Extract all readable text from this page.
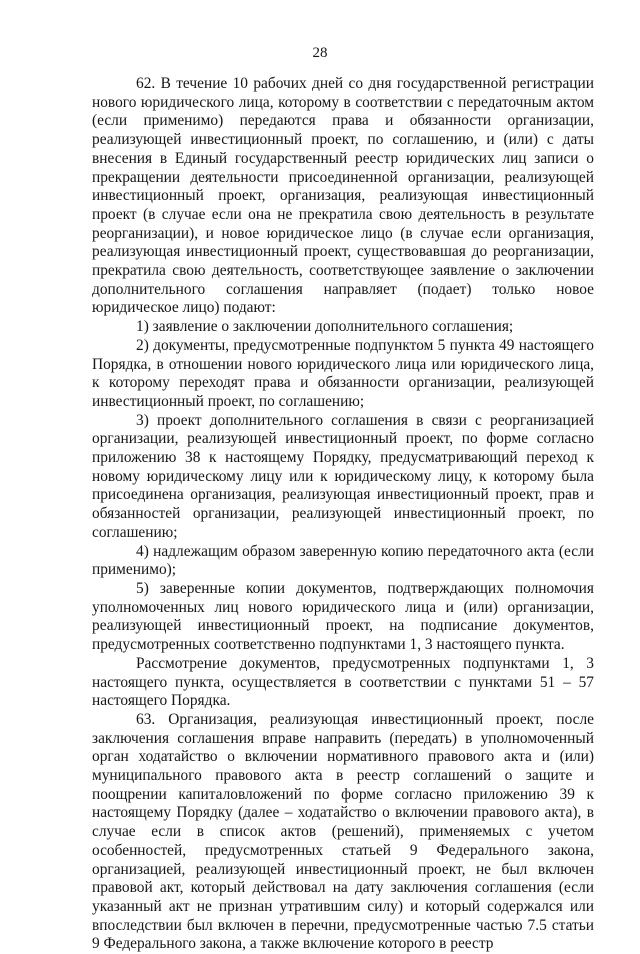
28

62. В течение 10 рабочих дней со дня государственной регистрации нового юридического лица, которому в соответствии с передаточным актом (если применимо) передаются права и обязанности организации, реализующей инвестиционный проект, по соглашению, и (или) с даты внесения в Единый государственный реестр юридических лиц записи о прекращении деятельности присоединенной организации, реализующей инвестиционный проект, организация, реализующая инвестиционный проект (в случае если она не прекратила свою деятельность в результате реорганизации), и новое юридическое лицо (в случае если организация, реализующая инвестиционный проект, существовавшая до реорганизации, прекратила свою деятельность, соответствующее заявление о заключении дополнительного соглашения направляет (подает) только новое юридическое лицо) подают:

1) заявление о заключении дополнительного соглашения;

2) документы, предусмотренные подпунктом 5 пункта 49 настоящего Порядка, в отношении нового юридического лица или юридического лица, к которому переходят права и обязанности организации, реализующей инвестиционный проект, по соглашению;

3) проект дополнительного соглашения в связи с реорганизацией организации, реализующей инвестиционный проект, по форме согласно приложению 38 к настоящему Порядку, предусматривающий переход к новому юридическому лицу или к юридическому лицу, к которому была присоединена организация, реализующая инвестиционный проект, прав и обязанностей организации, реализующей инвестиционный проект, по соглашению;

4) надлежащим образом заверенную копию передаточного акта (если применимо);

5) заверенные копии документов, подтверждающих полномочия уполномоченных лиц нового юридического лица и (или) организации, реализующей инвестиционный проект, на подписание документов, предусмотренных соответственно подпунктами 1, 3 настоящего пункта.

Рассмотрение документов, предусмотренных подпунктами 1, 3 настоящего пункта, осуществляется в соответствии с пунктами 51 – 57 настоящего Порядка.

63. Организация, реализующая инвестиционный проект, после заключения соглашения вправе направить (передать) в уполномоченный орган ходатайство о включении нормативного правового акта и (или) муниципального правового акта в реестр соглашений о защите и поощрении капиталовложений по форме согласно приложению 39 к настоящему Порядку (далее – ходатайство о включении правового акта), в случае если в список актов (решений), применяемых с учетом особенностей, предусмотренных статьей 9 Федерального закона, организацией, реализующей инвестиционный проект, не был включен правовой акт, который действовал на дату заключения соглашения (если указанный акт не признан утратившим силу) и который содержался или впоследствии был включен в перечни, предусмотренные частью 7.5 статьи 9 Федерального закона, а также включение которого в реестр
